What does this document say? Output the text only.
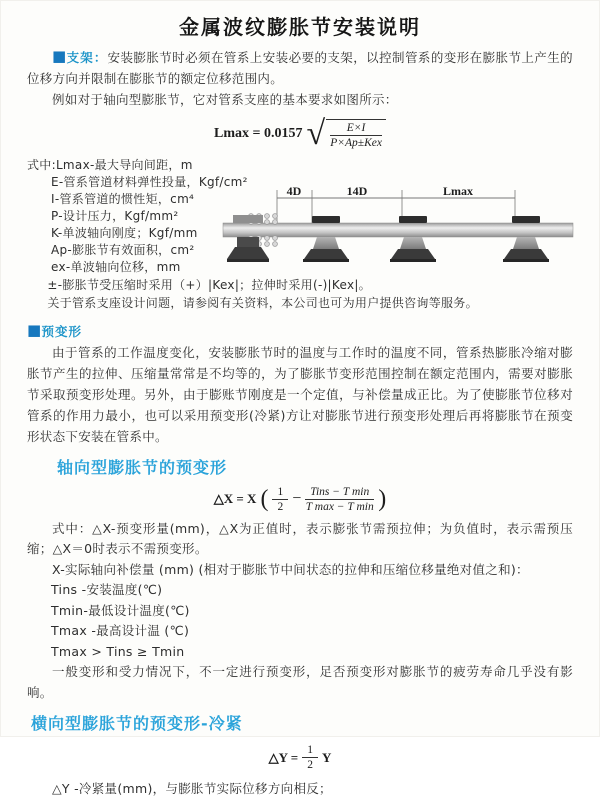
金属波纹膨胀节安装说明

■支架：安装膨胀节时必须在管系上安装必要的支架，以控制管系的变形在膨胀节上产生的位移方向并限制在膨胀节的额定位移范围内。

例如对于轴向型膨胀节，它对管系支座的基本要求如图所示：

Lmax = 0.0157 √ $\frac{E\times I}{\text{P×Ap±Kex}}$
式中:Lmax-最大导向间距，m
E-管系管道材料弹性投量，Kgf/cm²
I-管系管道的惯性矩，cm⁴
P-设计压力，Kgf/mm²
K-单波轴向刚度；Kgf/mm
Ap-膨胀节有效面积，cm²
ex-单波轴向位移，mm
4D	14D	Lmax

±-膨胀节受压缩时采用（+）|Kex|；拉伸时采用(-)|Kex|。

关于管系支座设计问题，请参阅有关资料，本公司也可为用户提供咨询等服务。

■预变形

由于管系的工作温度变化，安装膨胀节时的温度与工作时的温度不同，管系热膨胀冷缩对膨胀节产生的拉伸、压缩量常常是不均等的，为了膨胀节变形范围控制在额定范围内，需要对膨胀节采取预变形处理。另外，由于膨账节刚度是一个定值，与补偿量成正比。为了使膨胀节位移对管系的作用力最小，也可以采用预变形(冷紧)方让对膨胀节进行预变形处理后再将膨胀节在预变形状态下安装在管系中。

轴向型膨胀节的预变形
△X = X ( $\frac{1}{2} - \frac{\text{Tins − T min}}{\text{T max − T min}}$ )

式中：△X-预变形量(mm)，△X为正值时，表示膨张节需预拉伸；为负值时，表示需预压缩；△X＝0时表示不需预变形。

X-实际轴向补偿量 (mm) (相对于膨胀节中间状态的拉伸和压缩位移量绝对值之和)：

Tins -安装温度(℃)

Tmin-最低设计温度(℃)

Tmax -最高设计温 (℃)

Tmax > Tins ≥ Tmin

一般变形和受力情况下，不一定进行预变形，足否预变形对膨胀节的疲劳寿命几乎没有影响。

横向型膨胀节的预变形-冷紧
△Y = $\frac{1}{2}$ Y

△Y -冷紧量(mm)，与膨胀节实际位移方向相反；
